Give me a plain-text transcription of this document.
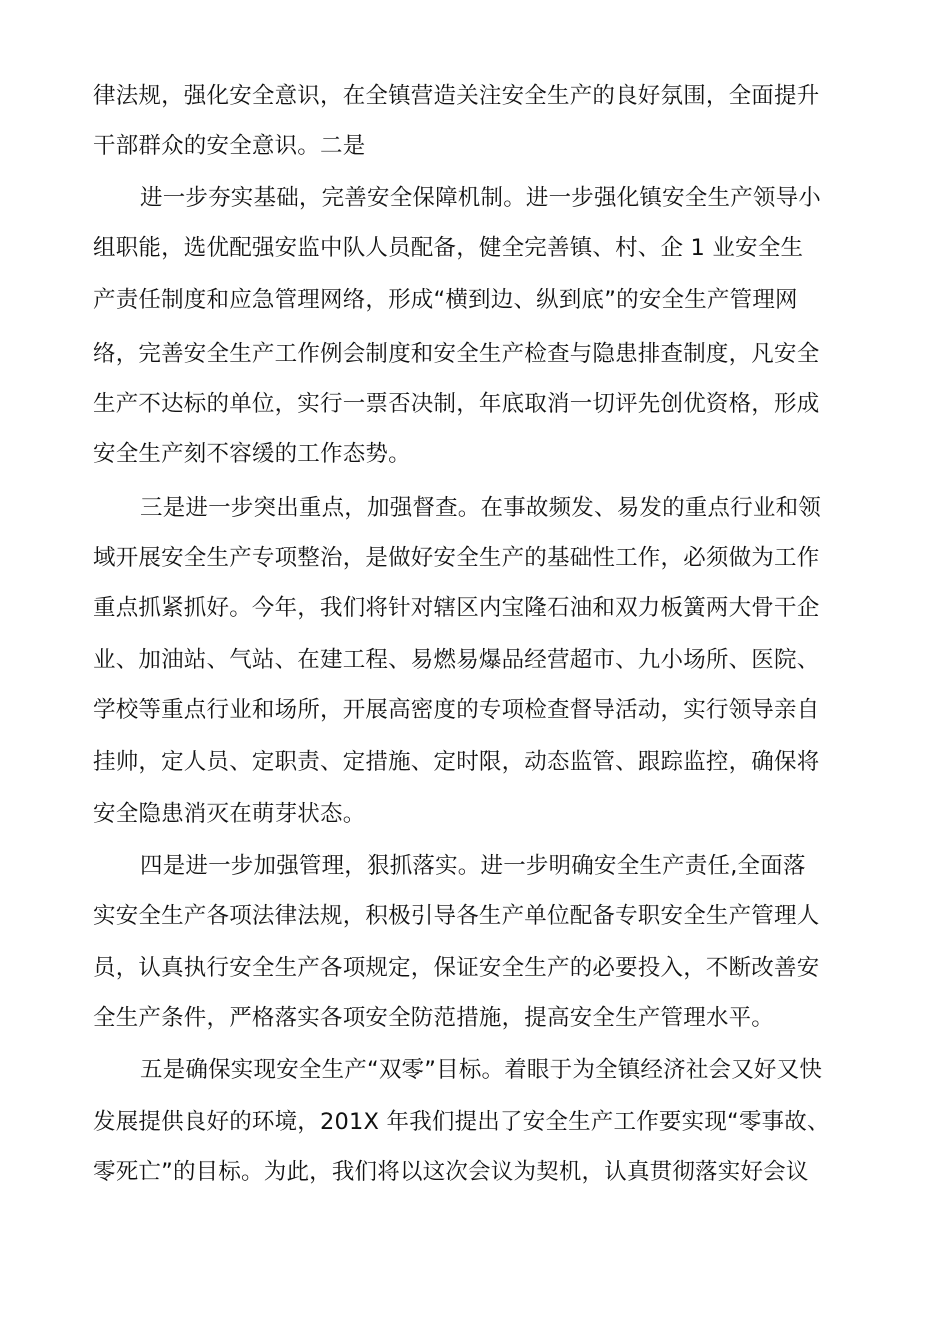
律法规，强化安全意识，在全镇营造关注安全生产的良好氛围，全面提升
干部群众的安全意识。二是
进一步夯实基础，完善安全保障机制。进一步强化镇安全生产领导小
组职能，选优配强安监中队人员配备，健全完善镇、村、企 1 业安全生
产责任制度和应急管理网络，形成“横到边、纵到底”的安全生产管理网
络，完善安全生产工作例会制度和安全生产检查与隐患排查制度，凡安全
生产不达标的单位，实行一票否决制，年底取消一切评先创优资格，形成
安全生产刻不容缓的工作态势。
三是进一步突出重点，加强督查。在事故频发、易发的重点行业和领
域开展安全生产专项整治，是做好安全生产的基础性工作，必须做为工作
重点抓紧抓好。今年，我们将针对辖区内宝隆石油和双力板簧两大骨干企
业、加油站、气站、在建工程、易燃易爆品经营超市、九小场所、医院、
学校等重点行业和场所，开展高密度的专项检查督导活动，实行领导亲自
挂帅，定人员、定职责、定措施、定时限，动态监管、跟踪监控，确保将
安全隐患消灭在萌芽状态。
四是进一步加强管理，狠抓落实。进一步明确安全生产责任,全面落
实安全生产各项法律法规，积极引导各生产单位配备专职安全生产管理人
员，认真执行安全生产各项规定，保证安全生产的必要投入，不断改善安
全生产条件，严格落实各项安全防范措施，提高安全生产管理水平。
五是确保实现安全生产“双零”目标。着眼于为全镇经济社会又好又快
发展提供良好的环境，201X 年我们提出了安全生产工作要实现“零事故、
零死亡”的目标。为此，我们将以这次会议为契机，认真贯彻落实好会议
